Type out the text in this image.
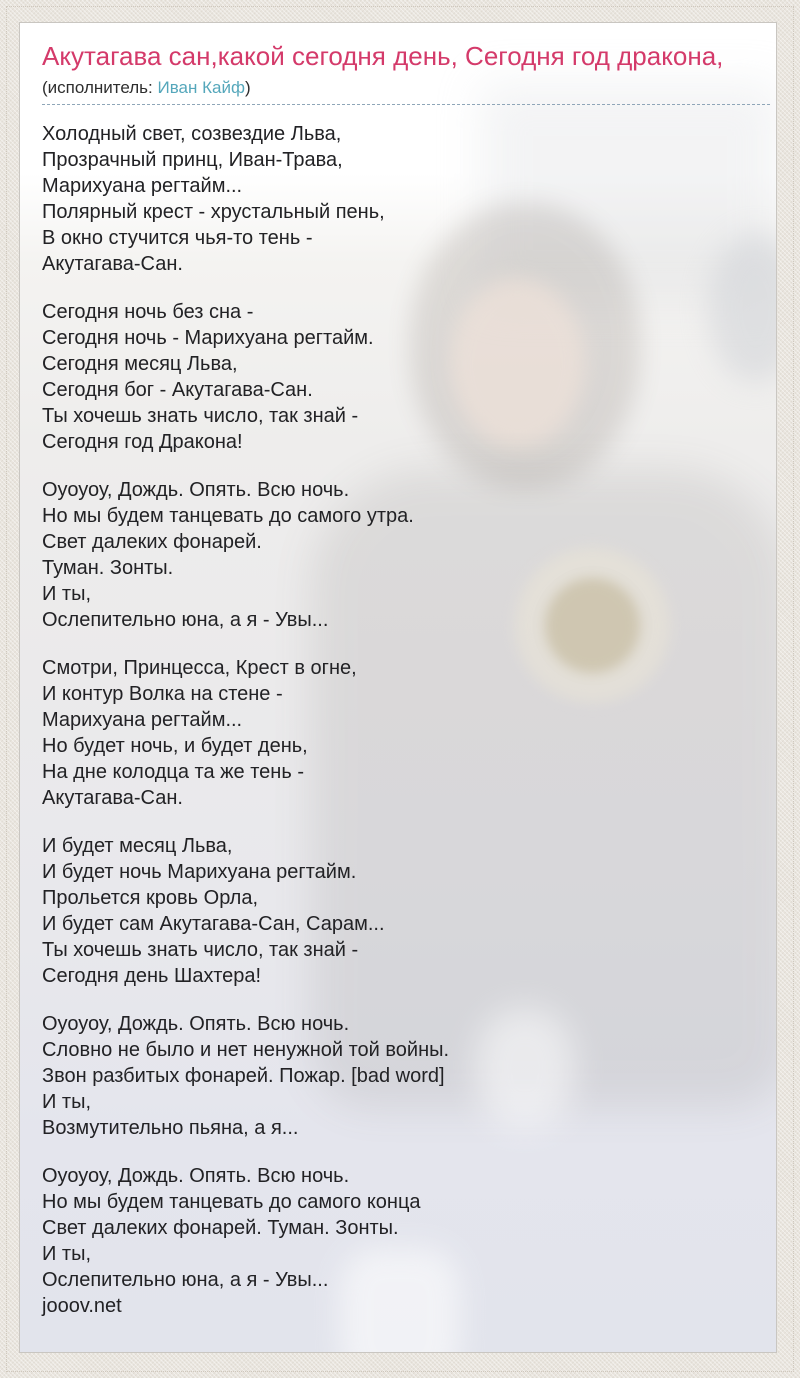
Акутагава сан,какой сегодня день, Сегодня год дракона,
(исполнитель: Иван Кайф)
Холодный свет, созвездие Льва,
Прозрачный принц, Иван-Трава,
Марихуана регтайм...
Полярный крест - хрустальный пень,
В окно стучится чья-то тень -
Акутагава-Сан.
Сегодня ночь без сна -
Сегодня ночь - Марихуана регтайм.
Сегодня месяц Льва,
Сегодня бог - Акутагава-Сан.
Ты хочешь знать число, так знай -
Сегодня год Дракона!
Оуоуоу, Дождь. Опять. Всю ночь.
Но мы будем танцевать до самого утра.
Свет далеких фонарей.
Туман. Зонты.
И ты,
Ослепительно юна, а я - Увы...
Смотри, Принцесса, Крест в огне,
И контур Волка на стене -
Марихуана регтайм...
Но будет ночь, и будет день,
На дне колодца та же тень -
Акутагава-Сан.
И будет месяц Льва,
И будет ночь Марихуана регтайм.
Прольется кровь Орла,
И будет сам Акутагава-Сан, Сарам...
Ты хочешь знать число, так знай -
Сегодня день Шахтера!
Оуоуоу, Дождь. Опять. Всю ночь.
Словно не было и нет ненужной той войны.
Звон разбитых фонарей. Пожар. [bad word]
И ты,
Возмутительно пьяна, а я...
Оуоуоу, Дождь. Опять. Всю ночь.
Но мы будем танцевать до самого конца
Свет далеких фонарей. Туман. Зонты.
И ты,
Ослепительно юна, а я - Увы...
jooov.net
